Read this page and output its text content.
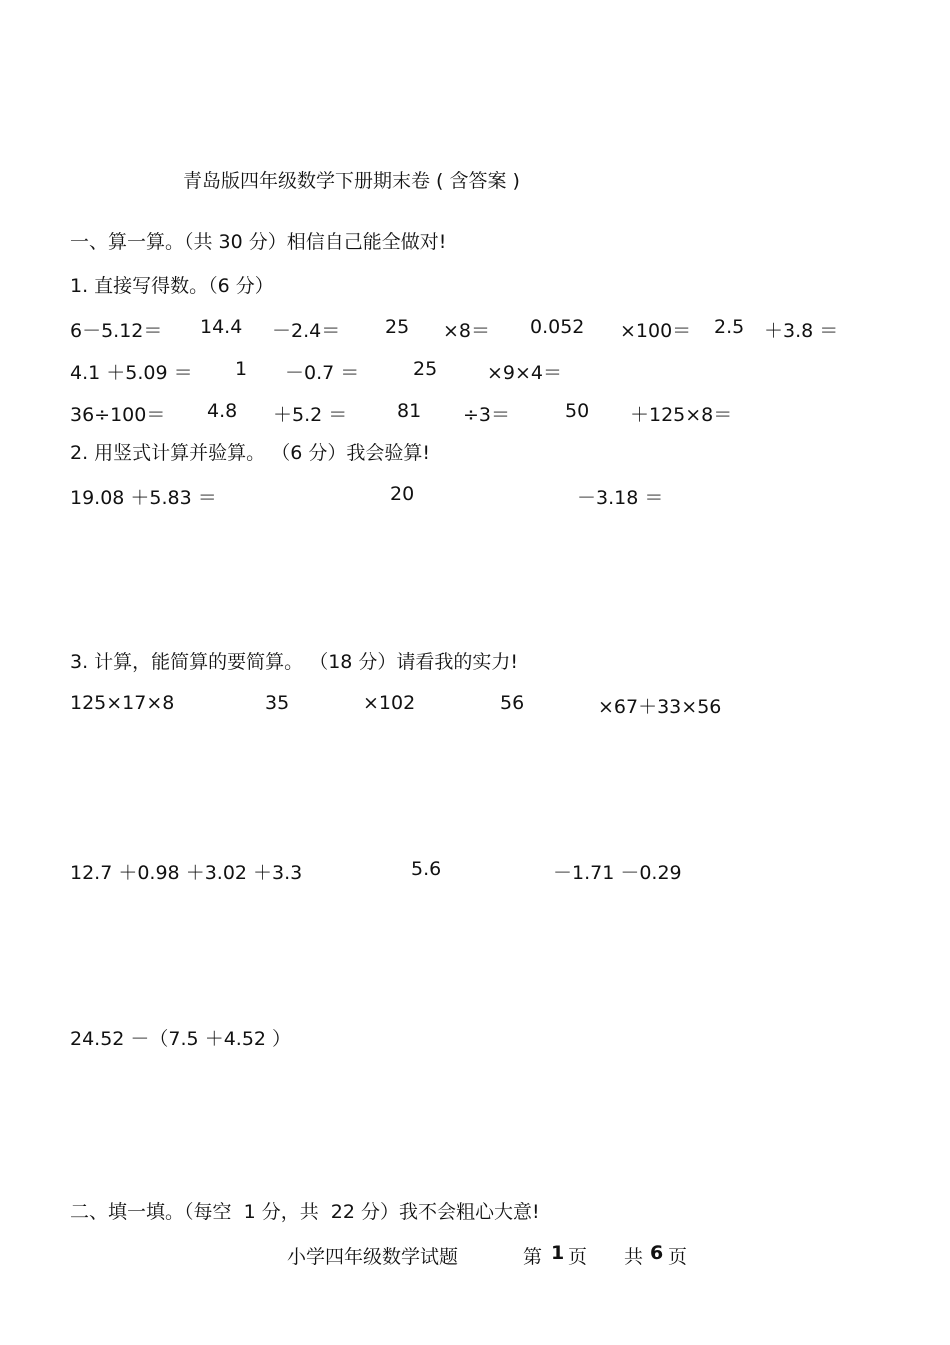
青岛版四年级数学下册期末卷 ( 含答案 )
一、算一算。（共 30 分）相信自己能全做对!
1. 直接写得数。（6 分）
6－5.12＝ 14.4 －2.4＝ 25 ×8＝ 0.052 ×100＝ 2.5 ＋3.8 ＝
4.1 ＋5.09 ＝ 1 －0.7 ＝	25	×9×4＝
36÷100＝ 4.8 ＋5.2 ＝	81 ÷3＝	50 ＋125×8＝
2. 用竖式计算并验算。 （6 分）我会验算!
19.08 ＋5.83 ＝	20	－3.18 ＝
3. 计算，能简算的要简算。 （18 分）请看我的实力!
125×17×8	35	×102	56	×67＋33×56
12.7 ＋0.98 ＋3.02 ＋3.3	5.6	－1.71 －0.29
24.52 －（7.5 ＋4.52 ）
二、填一填。（每空  1 分，共  22 分）我不会粗心大意!
小学四年级数学试题	第 1 页 共 6 页
